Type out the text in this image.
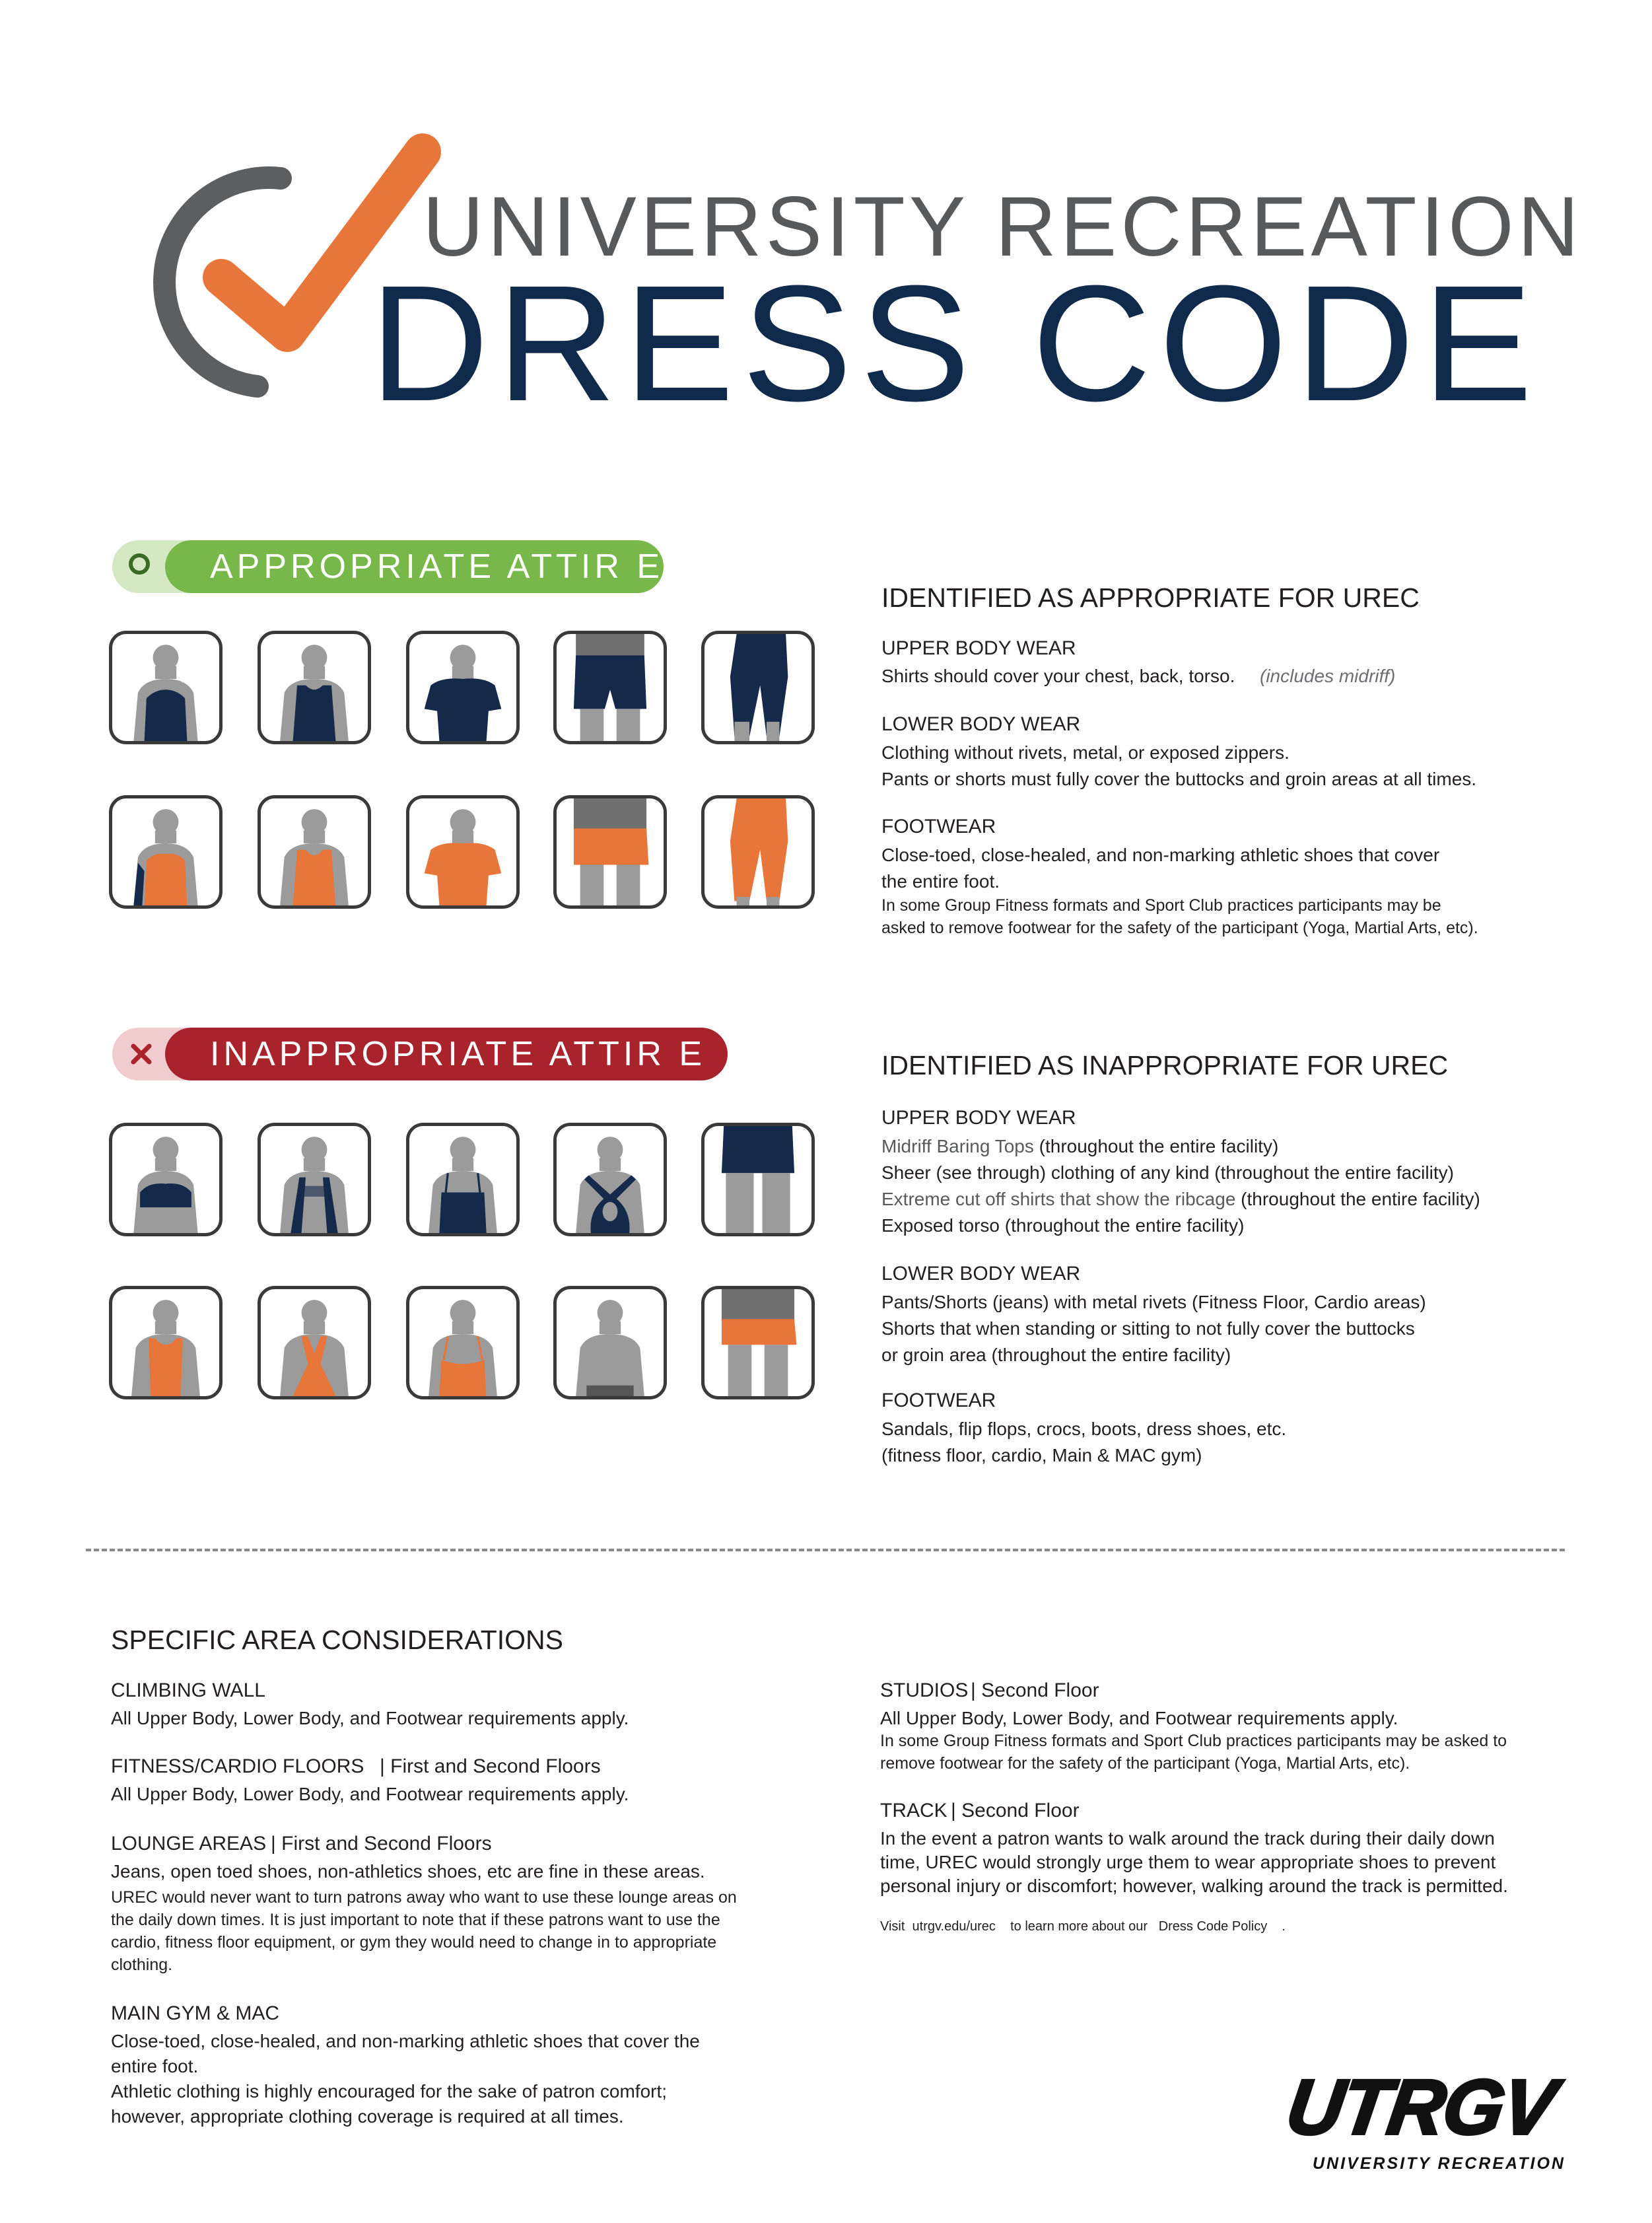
UNIVERSITY RECREATION
DRESS CODE
APPROPRIATE ATTIR E
IDENTIFIED AS APPROPRIATE FOR UREC
UPPER BODY WEAR
Shirts should cover your chest, back, torso. (includes midriff)
LOWER BODY WEAR
Clothing without rivets, metal, or exposed zippers.
Pants or shorts must fully cover the buttocks and groin areas at all times.
FOOTWEAR
Close-toed, close-healed, and non-marking athletic shoes that cover
the entire foot.
In some Group Fitness formats and Sport Club practices participants may be
asked to remove footwear for the safety of the participant (Yoga, Martial Arts, etc).
INAPPROPRIATE ATTIR E	IDENTIFIED AS INAPPROPRIATE FOR UREC
UPPER BODY WEAR
Midriff Baring Tops (throughout the entire facility)
Sheer (see through) clothing of any kind (throughout the entire facility)
Extreme cut off shirts that show the ribcage (throughout the entire facility)
Exposed torso (throughout the entire facility)
LOWER BODY WEAR
Pants/Shorts (jeans) with metal rivets (Fitness Floor, Cardio areas)
Shorts that when standing or sitting to not fully cover the buttocks
or groin area (throughout the entire facility)
FOOTWEAR
Sandals, flip flops, crocs, boots, dress shoes, etc.
(fitness floor, cardio, Main & MAC gym)
SPECIFIC AREA CONSIDERATIONS
CLIMBING WALL
All Upper Body, Lower Body, and Footwear requirements apply.
FITNESS/CARDIO FLOORS | First and Second Floors
All Upper Body, Lower Body, and Footwear requirements apply.
LOUNGE AREAS | First and Second Floors
Jeans, open toed shoes, non-athletics shoes, etc are fine in these areas.
UREC would never want to turn patrons away who want to use these lounge areas on
the daily down times. It is just important to note that if these patrons want to use the
cardio, fitness floor equipment, or gym they would need to change in to appropriate
clothing.
MAIN GYM & MAC
Close-toed, close-healed, and non-marking athletic shoes that cover the
entire foot.
Athletic clothing is highly encouraged for the sake of patron comfort;
however, appropriate clothing coverage is required at all times.
STUDIOS | Second Floor
All Upper Body, Lower Body, and Footwear requirements apply.
In some Group Fitness formats and Sport Club practices participants may be asked to
remove footwear for the safety of the participant (Yoga, Martial Arts, etc).
TRACK | Second Floor
In the event a patron wants to walk around the track during their daily down
time, UREC would strongly urge them to wear appropriate shoes to prevent
personal injury or discomfort; however, walking around the track is permitted.
Visit  utrgv.edu/urec    to learn more about our   Dress Code Policy    .
UTRGV
UNIVERSITY RECREATION
